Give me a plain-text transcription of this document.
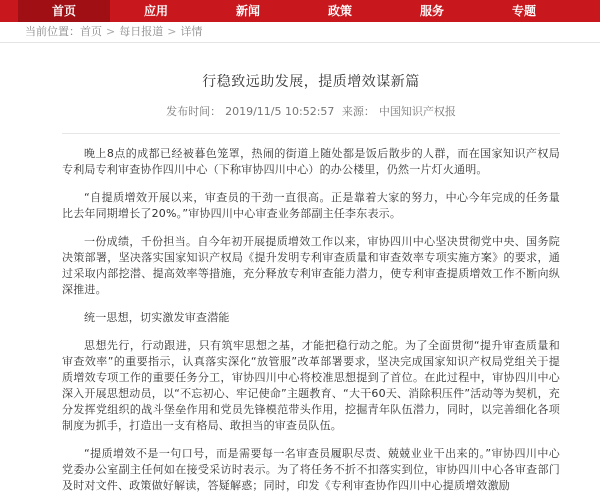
首页	应用	新闻	政策	服务	专题
当前位置：首页 > 每日报道 > 详情
行稳致远助发展，提质增效谋新篇
发布时间： 2019/11/5 10:52:57 来源： 中国知识产权报

晚上8点的成都已经被暮色笼罩，热闹的街道上随处都是饭后散步的人群，而在国家知识产权局专利局专利审查协作四川中心（下称审协四川中心）的办公楼里，仍然一片灯火通明。

“自提质增效开展以来，审查员的干劲一直很高。正是靠着大家的努力，中心今年完成的任务量比去年同期增长了20%。”审协四川中心审查业务部副主任李东表示。

一份成绩，千份担当。自今年初开展提质增效工作以来，审协四川中心坚决贯彻党中央、国务院决策部署，坚决落实国家知识产权局《提升发明专利审查质量和审查效率专项实施方案》的要求，通过采取内部挖潜、提高效率等措施，充分释放专利审查能力潜力，使专利审查提质增效工作不断向纵深推进。

统一思想，切实激发审查潜能

思想先行，行动跟进，只有筑牢思想之基，才能把稳行动之舵。为了全面贯彻“提升审查质量和审查效率”的重要指示，认真落实深化“放管服”改革部署要求，坚决完成国家知识产权局党组关于提质增效专项工作的重要任务分工，审协四川中心将校准思想提到了首位。在此过程中，审协四川中心深入开展思想动员，以“不忘初心、牢记使命”主题教育、“大干60天、消除积压件”活动等为契机，充分发挥党组织的战斗堡垒作用和党员先锋模范带头作用，挖掘青年队伍潜力，同时，以完善细化各项制度为抓手，打造出一支有格局、敢担当的审查员队伍。

“提质增效不是一句口号，而是需要每一名审查员履职尽责、兢兢业业干出来的。”审协四川中心党委办公室副主任何如在接受采访时表示。为了将任务不折不扣落实到位，审协四川中心各审查部门及时对文件、政策做好解读，答疑解惑；同时，印发《专利审查协作四川中心提质增效激励
